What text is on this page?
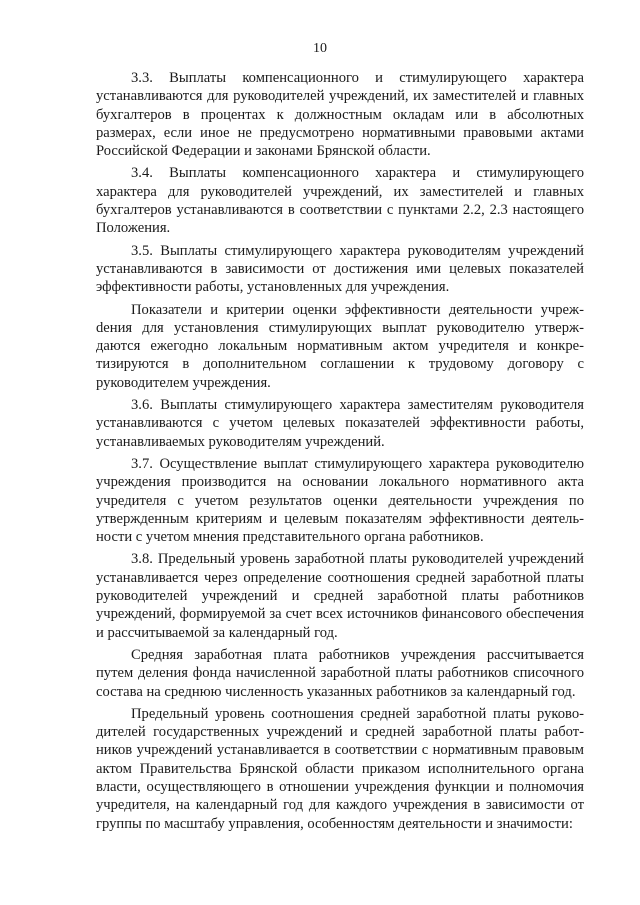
10

3.3. Выплаты компенсационного и стимулирующего характера устанавливаются для руководителей учреждений, их заместителей и главных бухгалтеров в процентах к должностным окладам или в абсолютных размерах, если иное не предусмотрено нормативными правовыми актами Российской Федерации и законами Брянской области.

3.4. Выплаты компенсационного характера и стимулирующего характера для руководителей учреждений, их заместителей и главных бухгалтеров устанавливаются в соответствии с пунктами 2.2, 2.3 настоящего Положения.

3.5. Выплаты стимулирующего характера руководителям учреждений устанавливаются в зависимости от достижения ими целевых показателей эффективности работы, установленных для учреждения.

Показатели и критерии оценки эффективности деятельности учрежdения для установления стимулирующих выплат руководителю утверждаются ежегодно локальным нормативным актом учредителя и конкретизируются в дополнительном соглашении к трудовому договору с руководителем учреждения.

3.6. Выплаты стимулирующего характера заместителям руководителя устанавливаются с учетом целевых показателей эффективности работы, устанавливаемых руководителям учреждений.

3.7. Осуществление выплат стимулирующего характера руководителю учреждения производится на основании локального нормативного акта учредителя с учетом результатов оценки деятельности учреждения по утвержденным критериям и целевым показателям эффективности деятельности с учетом мнения представительного органа работников.

3.8. Предельный уровень заработной платы руководителей учреждений устанавливается через определение соотношения средней заработной платы руководителей учреждений и средней заработной платы работников учреждений, формируемой за счет всех источников финансового обеспечения и рассчитываемой за календарный год.

Средняя заработная плата работников учреждения рассчитывается путем деления фонда начисленной заработной платы работников списочного состава на среднюю численность указанных работников за календарный год.

Предельный уровень соотношения средней заработной платы руководителей государственных учреждений и средней заработной платы работников учреждений устанавливается в соответствии с нормативным правовым актом Правительства Брянской области приказом исполнительного органа власти, осуществляющего в отношении учреждения функции и полномочия учредителя, на календарный год для каждого учреждения в зависимости от группы по масштабу управления, особенностям деятельности и значимости:
